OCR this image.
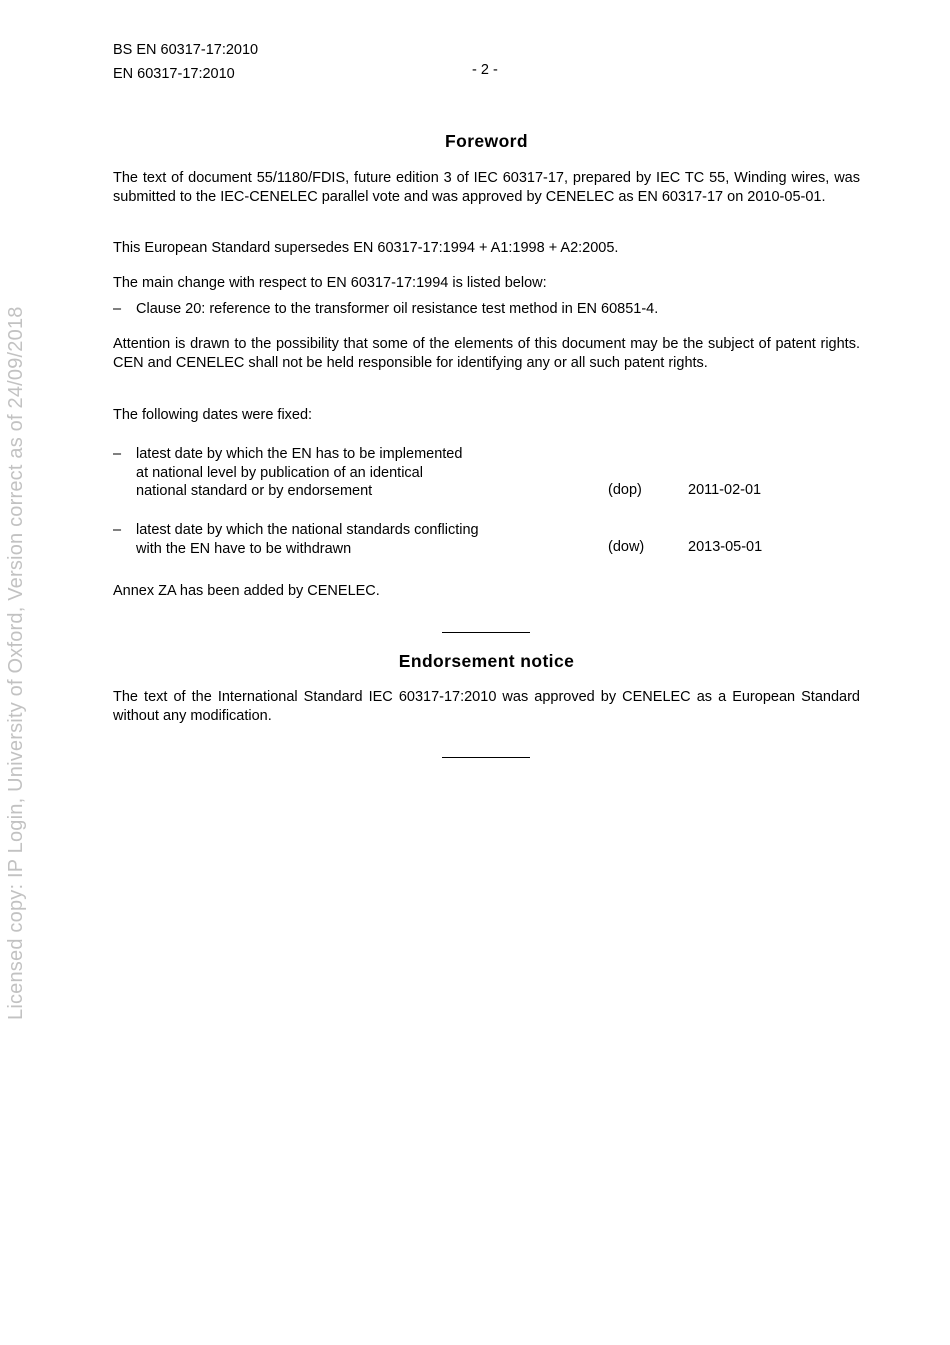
Licensed copy: IP Login, University of Oxford, Version correct as of 24/09/2018
BS EN 60317-17:2010
EN 60317-17:2010	- 2 -
Foreword

The text of document 55/1180/FDIS, future edition 3 of IEC 60317-17, prepared by IEC TC 55, Winding wires, was submitted to the IEC-CENELEC parallel vote and was approved by CENELEC as EN 60317-17 on 2010-05-01.

This European Standard supersedes EN 60317-17:1994 + A1:1998 + A2:2005.

The main change with respect to EN 60317-17:1994 is listed below:

– Clause 20: reference to the transformer oil resistance test method in EN 60851-4.

Attention is drawn to the possibility that some of the elements of this document may be the subject of patent rights. CEN and CENELEC shall not be held responsible for identifying any or all such patent rights.

The following dates were fixed:

– latest date by which the EN has to be implemented
at national level by publication of an identical
national standard or by endorsement	(dop)	2011-02-01
– latest date by which the national standards conflicting
with the EN have to be withdrawn	(dow)	2013-05-01

Annex ZA has been added by CENELEC.

Endorsement notice

The text of the International Standard IEC 60317-17:2010 was approved by CENELEC as a European Standard without any modification.
